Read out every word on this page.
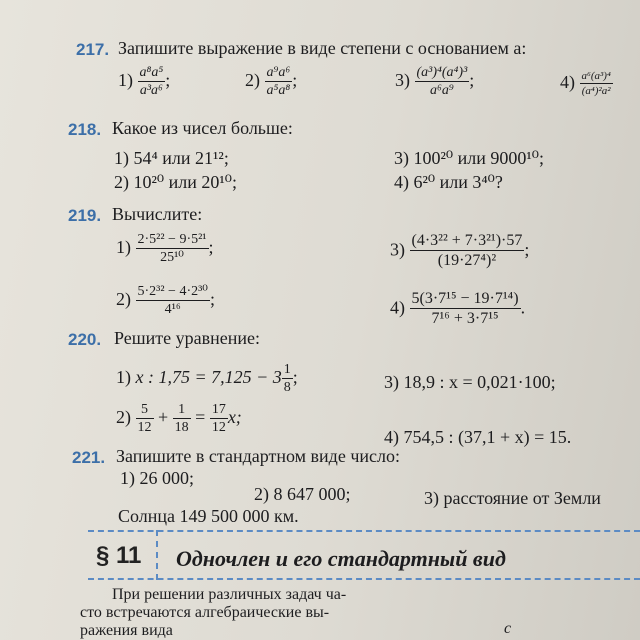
217. Запишите выражение в виде степени с основанием a:
$1) \frac{\text{a⁸a⁵}}{\text{a³a⁶}}$ ;	$2) \frac{\text{a⁹a⁶}}{\text{a⁵a⁸}}$ ;	$3) \frac{\text{(a³)⁴(a⁴)³}}{\text{a⁶a⁹}}$ ;	$4) \frac{\text{a⁶(a³)⁴}}{\text{(a⁴)²a²}}$
218. Какое из чисел больше:
1) 54⁴ или 21¹²;
2) 10²⁰ или 20¹⁰;
3) 100²⁰ или 9000¹⁰;
4) 6²⁰ или 3⁴⁰?
219. Вычислите:
$1) \frac{\text{2·5²² − 9·5²¹}}{\text{25¹⁰}}$ ;
$2) \frac{\text{5·2³² − 4·2³⁰}}{\text{4¹⁶}}$ ;
$3) \frac{\text{(4·3²² + 7·3²¹)·57}}{\text{(19·27⁴)²}}$ ;
$4) \frac{\text{5(3·7¹⁵ − 19·7¹⁴)}}{\text{7¹⁶ + 3·7¹⁵}}$ .
220. Решите уравнение:
1) x : $1,75 = 7,125 - 3 \frac{1}{8}$ ;
$2) \frac{5}{12} + \frac{1}{18} = \frac{17}{12} x$;
3) 18,9 : x = 0,021·100;
4) 754,5 : (37,1 + x) = 15.
221. Запишите в стандартном виде число:
1) 26 000;
2) 8 647 000;	3) расстояние от Земли
Солнца 149 500 000 км.
§ 11 Одночлен и его стандартный вид
При решении различных задач ча-
сто встречаются алгебраические вы-
ражения вида	c
